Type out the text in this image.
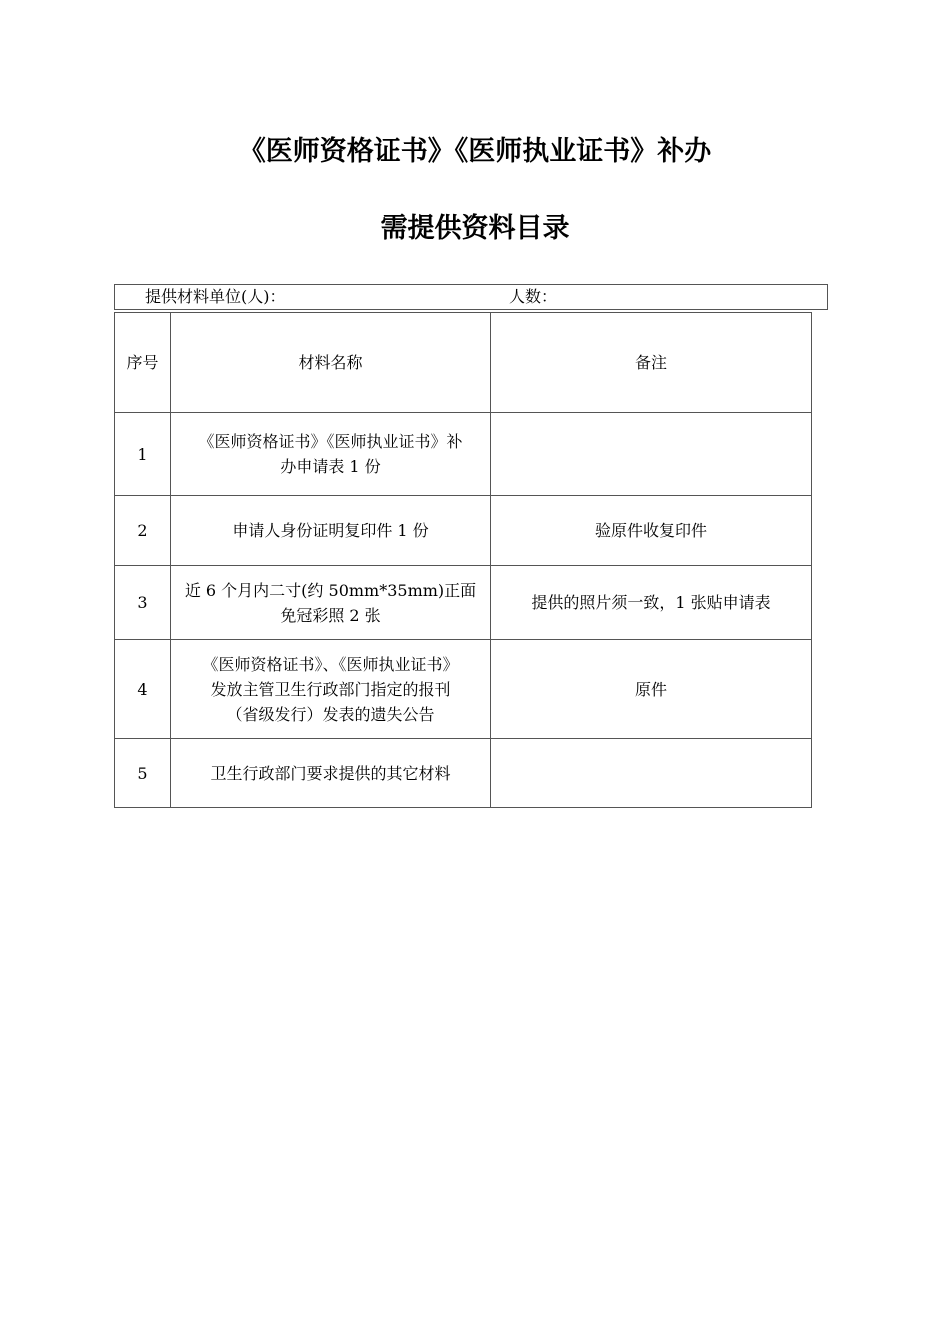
《医师资格证书》《医师执业证书》补办
需提供资料目录
提供材料单位(人)：	人数：
序号	材料名称	备注
1	《医师资格证书》《医师执业证书》补
办申请表 1 份	

2	申请人身份证明复印件 1 份	验原件收复印件
3	近 6 个月内二寸(约 50mm*35mm)正面
免冠彩照 2 张	提供的照片须一致，1 张贴申请表
4	《医师资格证书》、《医师执业证书》
发放主管卫生行政部门指定的报刊
（省级发行）发表的遗失公告	原件
5	卫生行政部门要求提供的其它材料	
